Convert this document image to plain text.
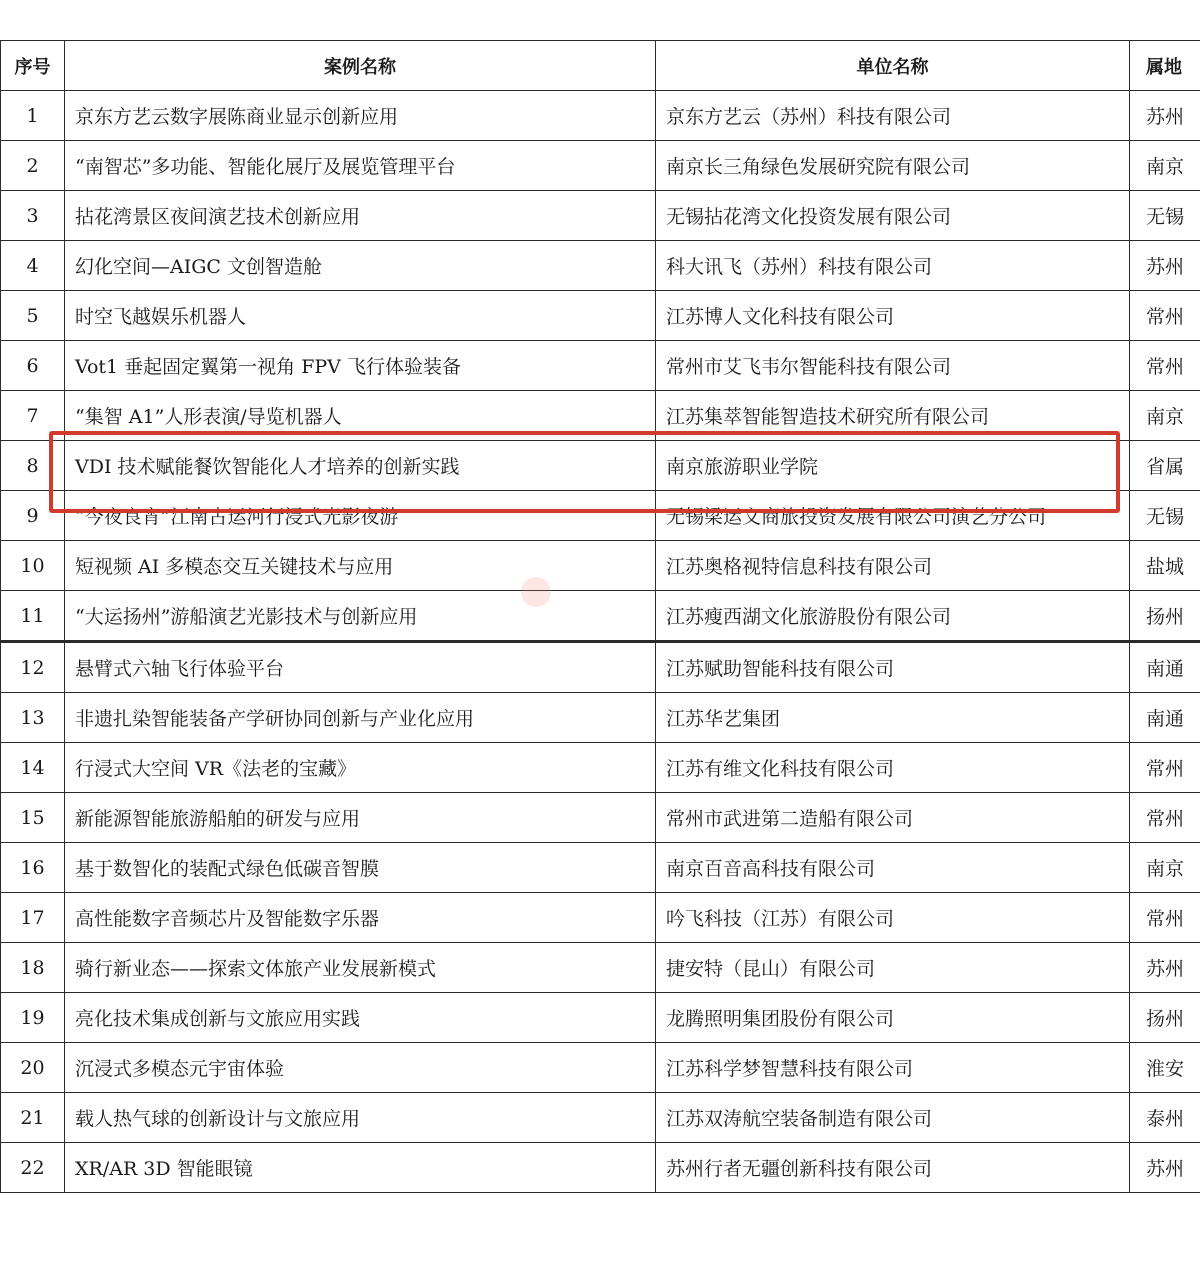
序号	案例名称	单位名称	属地
1	京东方艺云数字展陈商业显示创新应用	京东方艺云（苏州）科技有限公司	苏州
2	“南智芯”多功能、智能化展厅及展览管理平台	南京长三角绿色发展研究院有限公司	南京
3	拈花湾景区夜间演艺技术创新应用	无锡拈花湾文化投资发展有限公司	无锡
4	幻化空间—AIGC 文创智造舱	科大讯飞（苏州）科技有限公司	苏州
5	时空飞越娱乐机器人	江苏博人文化科技有限公司	常州
6	Vot1 垂起固定翼第一视角 FPV 飞行体验装备	常州市艾飞韦尔智能科技有限公司	常州
7	“集智 A1”人形表演/导览机器人	江苏集萃智能智造技术研究所有限公司	南京
8	VDI 技术赋能餐饮智能化人才培养的创新实践	南京旅游职业学院	省属
9	“今夜良宵”江南古运河行浸式光影夜游	无锡梁运文商旅投资发展有限公司演艺分公司	无锡
10	短视频 AI 多模态交互关键技术与应用	江苏奥格视特信息科技有限公司	盐城
11	“大运扬州”游船演艺光影技术与创新应用	江苏瘦西湖文化旅游股份有限公司	扬州
12	悬臂式六轴飞行体验平台	江苏赋助智能科技有限公司	南通
13	非遗扎染智能装备产学研协同创新与产业化应用	江苏华艺集团	南通
14	行浸式大空间 VR《法老的宝藏》	江苏有维文化科技有限公司	常州
15	新能源智能旅游船舶的研发与应用	常州市武进第二造船有限公司	常州
16	基于数智化的装配式绿色低碳音智膜	南京百音高科技有限公司	南京
17	高性能数字音频芯片及智能数字乐器	吟飞科技（江苏）有限公司	常州
18	骑行新业态——探索文体旅产业发展新模式	捷安特（昆山）有限公司	苏州
19	亮化技术集成创新与文旅应用实践	龙腾照明集团股份有限公司	扬州
20	沉浸式多模态元宇宙体验	江苏科学梦智慧科技有限公司	淮安
21	载人热气球的创新设计与文旅应用	江苏双涛航空装备制造有限公司	泰州
22	XR/AR 3D 智能眼镜	苏州行者无疆创新科技有限公司	苏州
